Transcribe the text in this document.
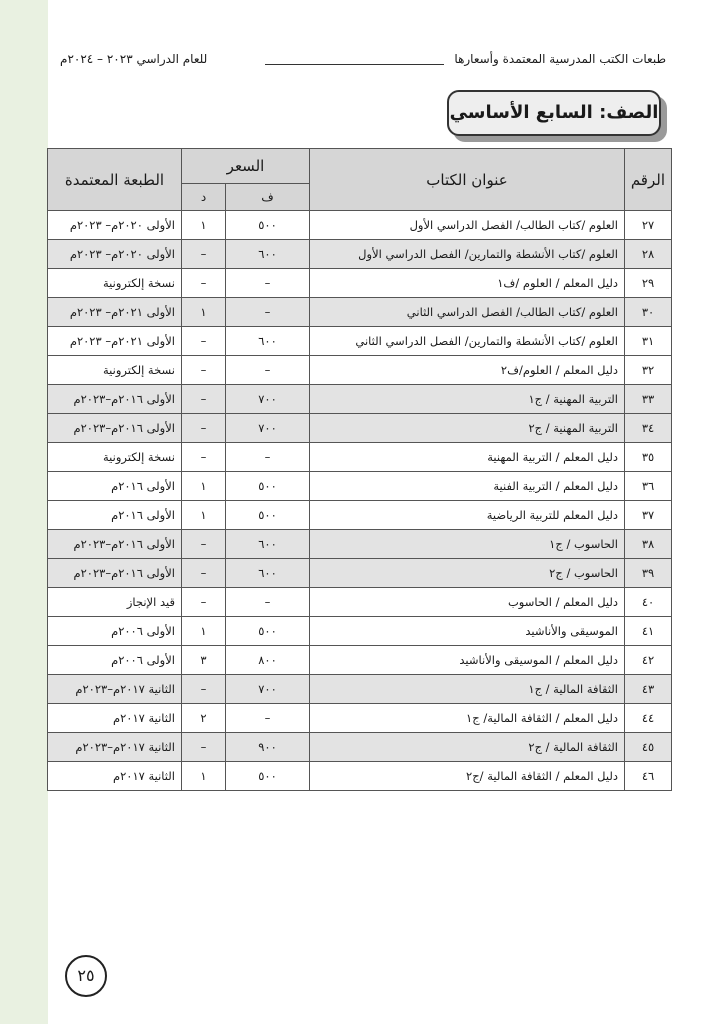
طبعات الكتب المدرسية المعتمدة وأسعارها
للعام الدراسي ٢٠٢٣ – ٢٠٢٤م
الصف: السابع الأساسي
الرقم	عنوان الكتاب	السعر		الطبعة المعتمدة
		ف	د	
٢٧	العلوم /كتاب الطالب/ الفصل الدراسي الأول	٥٠٠	١	الأولى ٢٠٢٠م– ٢٠٢٣م
٢٨	العلوم /كتاب الأنشطة والتمارين/ الفصل الدراسي الأول	٦٠٠	–	الأولى ٢٠٢٠م– ٢٠٢٣م
٢٩	دليل المعلم / العلوم /ف١	–	–	نسخة إلكترونية
٣٠	العلوم /كتاب الطالب/ الفصل الدراسي الثاني	–	١	الأولى ٢٠٢١م– ٢٠٢٣م
٣١	العلوم /كتاب الأنشطة والتمارين/ الفصل الدراسي الثاني	٦٠٠	–	الأولى ٢٠٢١م– ٢٠٢٣م
٣٢	دليل المعلم / العلوم/ف٢	–	–	نسخة إلكترونية
٣٣	التربية المهنية / ج١	٧٠٠	–	الأولى ٢٠١٦م–٢٠٢٣م
٣٤	التربية المهنية / ج٢	٧٠٠	–	الأولى ٢٠١٦م–٢٠٢٣م
٣٥	دليل المعلم / التربية المهنية	–	–	نسخة إلكترونية
٣٦	دليل المعلم / التربية الفنية	٥٠٠	١	الأولى ٢٠١٦م
٣٧	دليل المعلم للتربية الرياضية	٥٠٠	١	الأولى ٢٠١٦م
٣٨	الحاسوب / ج١	٦٠٠	–	الأولى ٢٠١٦م–٢٠٢٣م
٣٩	الحاسوب / ج٢	٦٠٠	–	الأولى ٢٠١٦م–٢٠٢٣م
٤٠	دليل المعلم / الحاسوب	–	–	قيد الإنجاز
٤١	الموسيقى والأناشيد	٥٠٠	١	الأولى ٢٠٠٦م
٤٢	دليل المعلم / الموسيقى والأناشيد	٨٠٠	٣	الأولى ٢٠٠٦م
٤٣	الثقافة المالية / ج١	٧٠٠	–	الثانية ٢٠١٧م–٢٠٢٣م
٤٤	دليل المعلم / الثقافة المالية/ ج١	–	٢	الثانية ٢٠١٧م
٤٥	الثقافة المالية / ج٢	٩٠٠	–	الثانية ٢٠١٧م–٢٠٢٣م
٤٦	دليل المعلم / الثقافة المالية /ج٢	٥٠٠	١	الثانية ٢٠١٧م
٢٥
